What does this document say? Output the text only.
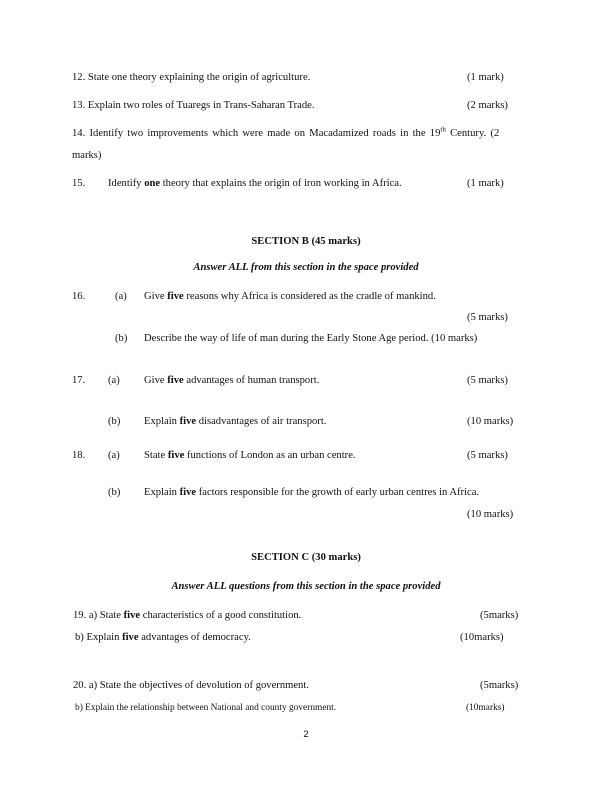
12. State one theory explaining the origin of agriculture.	(1 mark)
13. Explain two roles of Tuaregs in Trans-Saharan Trade.	(2 marks)
14. Identify two improvements which were made on Macadamized roads in the 19th Century. (2
marks)
15. Identify one theory that explains the origin of iron working in Africa.	(1 mark)
SECTION B (45 marks)
Answer ALL from this section in the space provided
16.	(a) Give five reasons why Africa is considered as the cradle of mankind.
(5 marks)
(b) Describe the way of life of man during the Early Stone Age period. (10 marks)
17. (a) Give five advantages of human transport.	(5 marks)
(b) Explain five disadvantages of air transport.	(10 marks)
18. (a) State five functions of London as an urban centre.	(5 marks)
(b) Explain five factors responsible for the growth of early urban centres in Africa.
(10 marks)
SECTION C (30 marks)
Answer ALL questions from this section in the space provided
19. a) State five characteristics of a good constitution.	(5marks)
b) Explain five advantages of democracy.	(10marks)
20. a) State the objectives of devolution of government.	(5marks)
b) Explain the relationship between National and county government.	(10marks)
2
